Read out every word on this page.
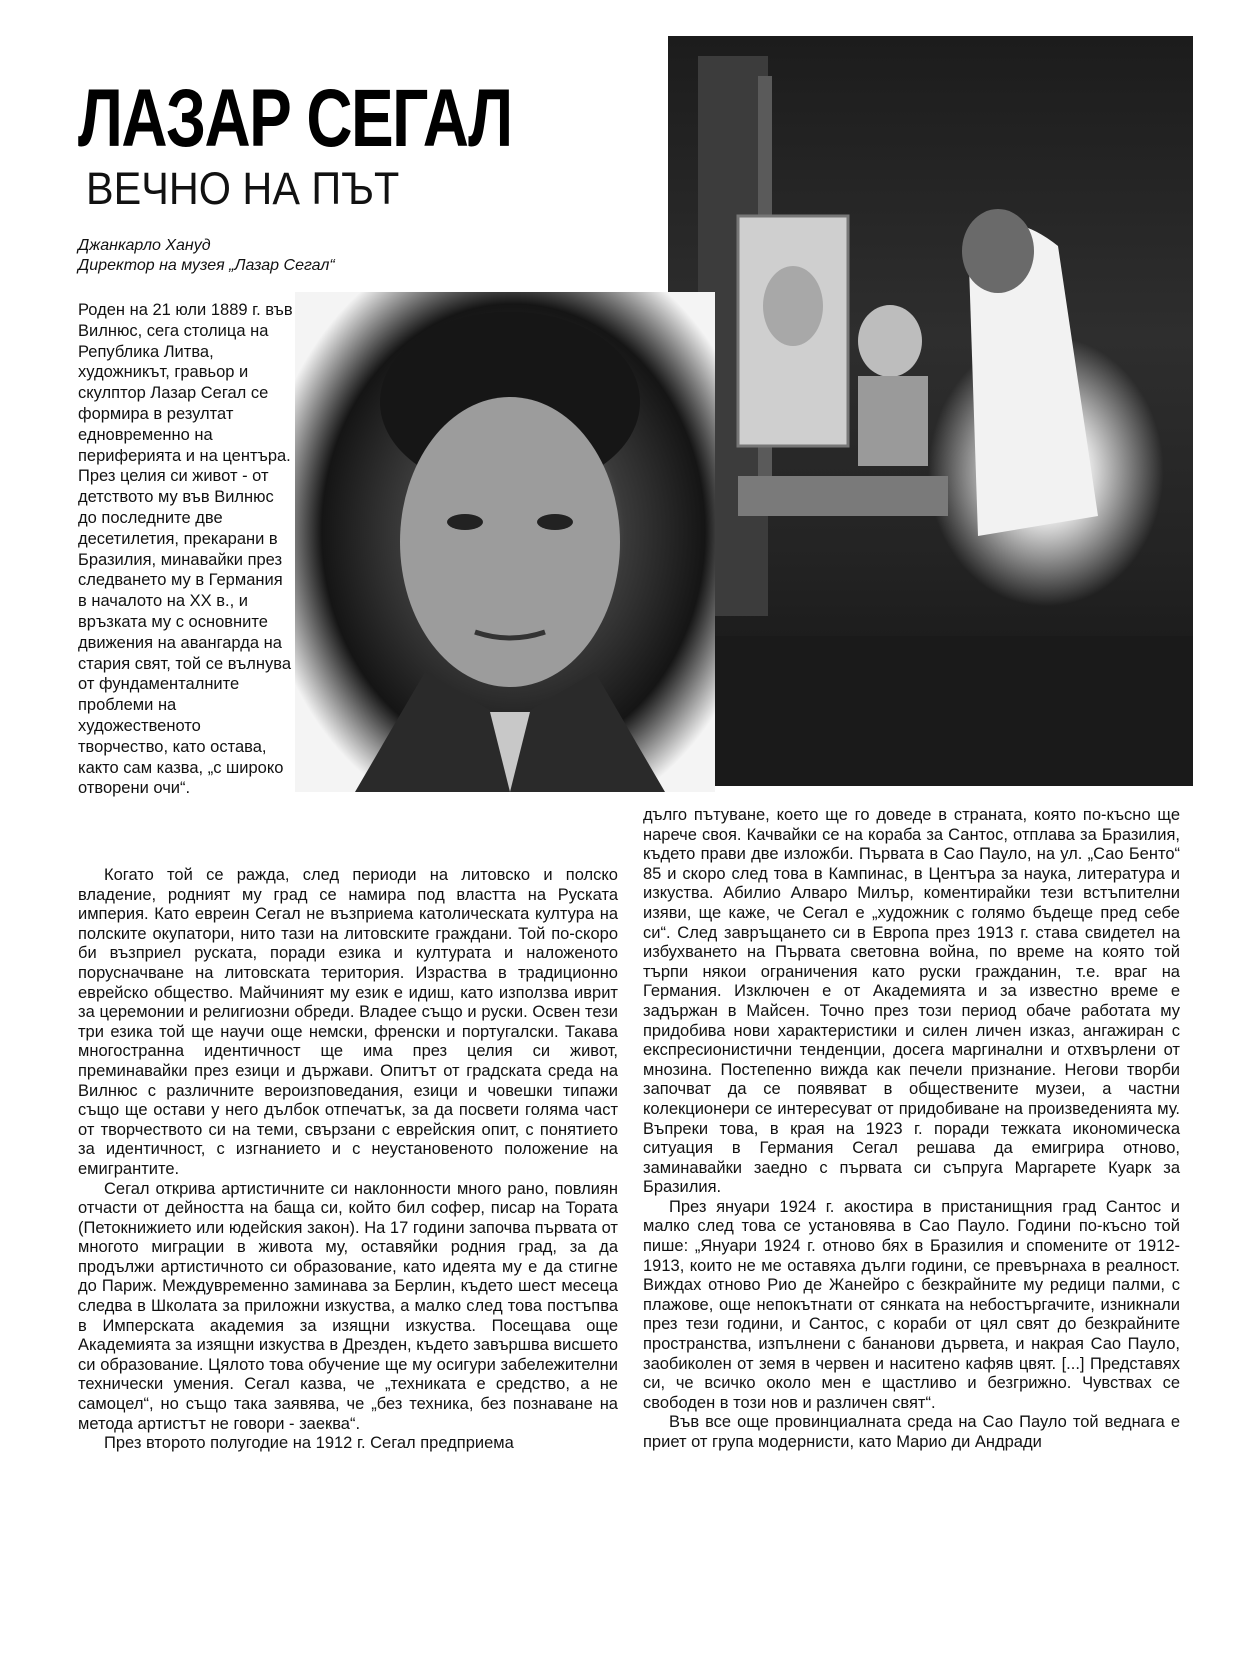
ЛАЗАР СЕГАЛ
ВЕЧНО НА ПЪТ
Джанкарло Хануд
Директор на музея „Лазар Сегал“

Роден на 21 юли 1889 г. във Вилнюс, сега столица на Република Литва, художникът, гравьор и скулптор Лазар Сегал се формира в резултат едновременно на периферията и на центъра. През целия си живот - от детството му във Вилнюс до последните две десетилетия, прекарани в Бразилия, минавайки през следването му в Германия в началото на ХХ в., и връзката му с основните движения на авангарда на стария свят, той се вълнува от фундаменталните проблеми на художественото творчество, като остава, както сам казва, „с широко отворени очи“.

Когато той се ражда, след периоди на литовско и полско владение, родният му град се намира под властта на Руската империя. Като евреин Сегал не възприема католическата култура на полските окупатори, нито тази на литовските граждани. Той по-скоро би възприел руската, поради езика и културата и наложеното порусначване на литовската територия. Израства в традиционно еврейско общество. Майчиният му език е идиш, като използва иврит за церемонии и религиозни обреди. Владее също и руски. Освен тези три езика той ще научи още немски, френски и португалски. Такава многостранна идентичност ще има през целия си живот, преминавайки през езици и държави. Опитът от градската среда на Вилнюс с различните вероизповедания, езици и човешки типажи също ще остави у него дълбок отпечатък, за да посвети голяма част от творчеството си на теми, свързани с еврейския опит, с понятието за идентичност, с изгнанието и с неустановеното положение на емигрантите.

Сегал открива артистичните си наклонности много рано, повлиян отчасти от дейността на баща си, който бил софер, писар на Тората (Петокнижието или юдейския закон). На 17 години започва първата от многото миграции в живота му, оставяйки родния град, за да продължи артистичното си образование, като идеята му е да стигне до Париж. Междувременно заминава за Берлин, където шест месеца следва в Школата за приложни изкуства, а малко след това постъпва в Имперската академия за изящни изкуства. Посещава още Академията за изящни изкуства в Дрезден, където завършва висшето си образование. Цялото това обучение ще му осигури забележителни технически умения. Сегал казва, че „техниката е средство, а не самоцел“, но също така заявява, че „без техника, без познаване на метода артистът не говори - заеква“.

През второто полугодие на 1912 г. Сегал предприема

дълго пътуване, което ще го доведе в страната, която по-късно ще нарече своя. Качвайки се на кораба за Сантос, отплава за Бразилия, където прави две изложби. Първата в Сао Пауло, на ул. „Сао Бенто“ 85 и скоро след това в Кампинас, в Центъра за наука, литература и изкуства. Абилио Алваро Милър, коментирайки тези встъпителни изяви, ще каже, че Сегал е „художник с голямо бъдеще пред себе си“. След завръщането си в Европа през 1913 г. става свидетел на избухването на Първата световна война, по време на която той търпи някои ограничения като руски гражданин, т.е. враг на Германия. Изключен е от Академията и за известно време е задържан в Майсен. Точно през този период обаче работата му придобива нови характеристики и силен личен изказ, ангажиран с експресионистични тенденции, досега маргинални и отхвърлени от мнозина. Постепенно вижда как печели признание. Негови творби започват да се появяват в обществените музеи, а частни колекционери се интересуват от придобиване на произведенията му. Въпреки това, в края на 1923 г. поради тежката икономическа ситуация в Германия Сегал решава да емигрира отново, заминавайки заедно с първата си съпруга Маргарете Куарк за Бразилия.

През януари 1924 г. акостира в пристанищния град Сантос и малко след това се установява в Сао Пауло. Години по-късно той пише: „Януари 1924 г. отново бях в Бразилия и спомените от 1912-1913, които не ме оставяха дълги години, се превърнаха в реалност. Виждах отново Рио де Жанейро с безкрайните му редици палми, с плажове, още непокътнати от сянката на небостъргачите, изникнали през тези години, и Сантос, с кораби от цял свят до безкрайните пространства, изпълнени с бананови дървета, и накрая Сао Пауло, заобиколен от земя в червен и наситено кафяв цвят. [...] Представях си, че всичко около мен е щастливо и безгрижно. Чувствах се свободен в този нов и различен свят“.

Във все още провинциалната среда на Сао Пауло той веднага е приет от група модернисти, като Марио ди Андради
